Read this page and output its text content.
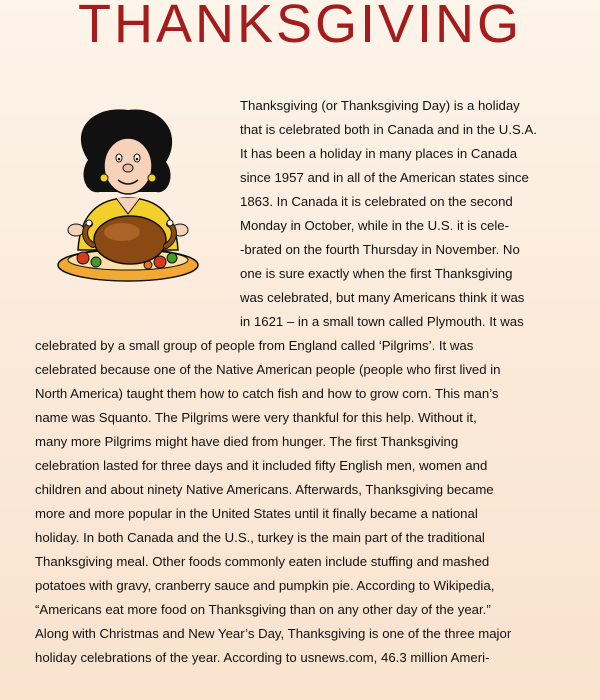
THANKSGIVING
Thanksgiving (or Thanksgiving Day) is a holiday
that is celebrated both in Canada and in the U.S.A.
It has been a holiday in many places in Canada
since 1957 and in all of the American states since
1863. In Canada it is celebrated on the second
Monday in October, while in the U.S. it is cele-
-brated on the fourth Thursday in November. No
one is sure exactly when the first Thanksgiving
was celebrated, but many Americans think it was
in 1621 – in a small town called Plymouth. It was
celebrated by a small group of people from England called ‘Pilgrims’. It was
celebrated because one of the Native American people (people who first lived in
North America) taught them how to catch fish and how to grow corn. This man’s
name was Squanto. The Pilgrims were very thankful for this help. Without it,
many more Pilgrims might have died from hunger. The first Thanksgiving
celebration lasted for three days and it included fifty English men, women and
children and about ninety Native Americans. Afterwards, Thanksgiving became
more and more popular in the United States until it finally became a national
holiday. In both Canada and the U.S., turkey is the main part of the traditional
Thanksgiving meal. Other foods commonly eaten include stuffing and mashed
potatoes with gravy, cranberry sauce and pumpkin pie. According to Wikipedia,
“Americans eat more food on Thanksgiving than on any other day of the year.”
Along with Christmas and New Year’s Day, Thanksgiving is one of the three major
holiday celebrations of the year. According to usnews.com, 46.3 million Ameri-
